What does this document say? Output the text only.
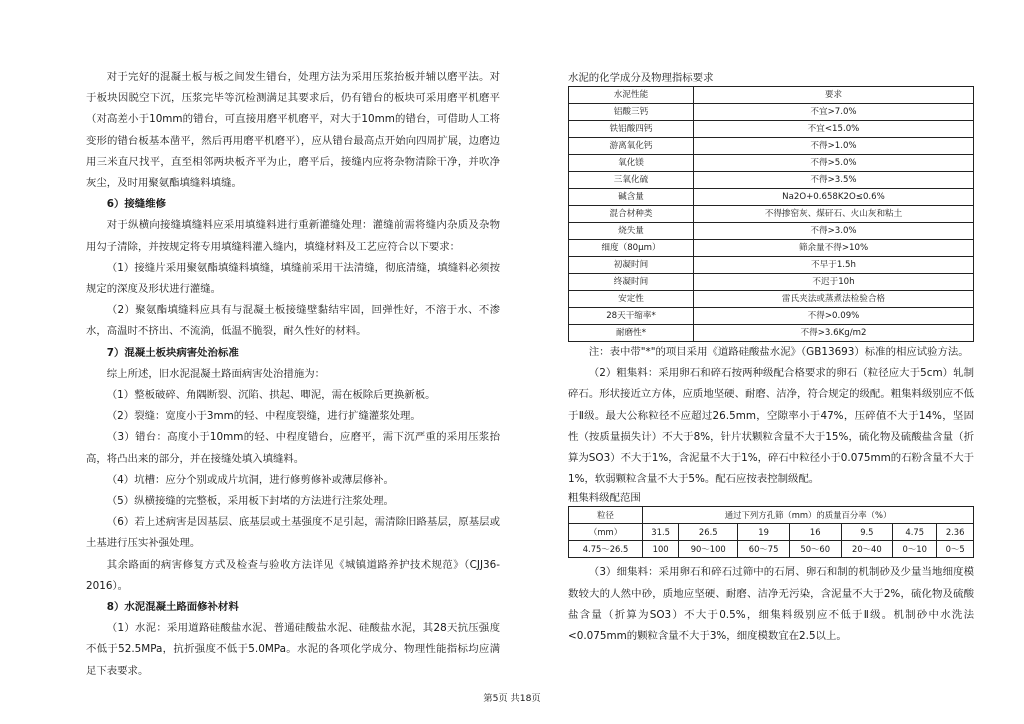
对于完好的混凝土板与板之间发生错台，处理方法为采用压浆抬板并辅以磨平法。对于板块因脱空下沉，压浆完毕等沉检测满足其要求后，仍有错台的板块可采用磨平机磨平（对高差小于10mm的错台，可直接用磨平机磨平，对大于10mm的错台，可借助人工将变形的错台板基本凿平，然后再用磨平机磨平），应从错台最高点开始向四周扩展，边磨边用三米直尺找平，直至相邻两块板齐平为止，磨平后，接缝内应将杂物清除干净，并吹净灰尘，及时用聚氨酯填缝料填缝。

6）接缝维修

对于纵横向接缝填缝料应采用填缝料进行重新灌缝处理：灌缝前需将缝内杂质及杂物用勾子清除，并按规定将专用填缝料灌入缝内，填缝材料及工艺应符合以下要求：

（1）接缝片采用聚氨酯填缝料填缝，填缝前采用干法清缝，彻底清缝，填缝料必须按规定的深度及形状进行灌缝。

（2）聚氨酯填缝料应具有与混凝土板接缝壁黏结牢固，回弹性好，不溶于水、不渗水，高温时不挤出、不流淌，低温不脆裂，耐久性好的材料。

7）混凝土板块病害处治标准

综上所述，旧水泥混凝土路面病害处治措施为：

（1）整板破碎、角隅断裂、沉陷、拱起、唧泥，需在板除后更换新板。

（2）裂缝：宽度小于3mm的轻、中程度裂缝，进行扩缝灌浆处理。

（3）错台：高度小于10mm的轻、中程度错台，应磨平，需下沉严重的采用压浆抬高，将凸出来的部分，并在接缝处填入填缝料。

（4）坑槽：应分个别或成片坑洞，进行修剪修补或薄层修补。

（5）纵横接缝的完整板，采用板下封堵的方法进行注浆处理。

（6）若上述病害是因基层、底基层或土基强度不足引起，需清除旧路基层，原基层或土基进行压实补强处理。

其余路面的病害修复方式及检查与验收方法详见《城镇道路养护技术规范》（CJJ36-2016）。

8）水泥混凝土路面修补材料

（1）水泥：采用道路硅酸盐水泥、普通硅酸盐水泥、硅酸盐水泥，其28天抗压强度不低于52.5MPa，抗折强度不低于5.0MPa。水泥的各项化学成分、物理性能指标均应满足下表要求。

水泥的化学成分及物理指标要求

水泥性能	要求
铝酸三钙	不宜>7.0%
铁铝酸四钙	不宜<15.0%
游离氧化钙	不得>1.0%
氧化镁	不得>5.0%
三氧化硫	不得>3.5%
碱含量	Na2O+0.658K2O≤0.6%
混合材种类	不得掺窑灰、煤矸石、火山灰和粘土
烧失量	不得>3.0%
细度（80μm）	筛余量不得>10%
初凝时间	不早于1.5h
终凝时间	不迟于10h
安定性	雷氏夹法或蒸煮法检验合格
28天干缩率*	不得>0.09%
耐磨性*	不得>3.6Kg/m2

注：表中带"*"的项目采用《道路硅酸盐水泥》（GB13693）标准的相应试验方法。

（2）粗集料：采用卵石和碎石按两种级配合格要求的卵石（粒径应大于5cm）轧制碎石。形状接近立方体，应质地坚硬、耐磨、洁净，符合规定的级配。粗集料级别应不低于Ⅱ级。最大公称粒径不应超过26.5mm，空隙率小于47%，压碎值不大于14%，坚固性（按质量损失计）不大于8%，针片状颗粒含量不大于15%，硫化物及硫酸盐含量（折算为SO3）不大于1%，含泥量不大于1%，碎石中粒径小于0.075mm的石粉含量不大于1%，软弱颗粒含量不大于5%。配石应按表控制级配。

粗集料级配范围

粒径	通过下列方孔筛（mm）的质量百分率（%）						
（mm）	31.5	26.5	19	16	9.5	4.75	2.36
4.75～26.5	100	90～100	60～75	50～60	20～40	0～10	0～5

（3）细集料：采用卵石和碎石过筛中的石屑、卵石和制的机制砂及少量当地细度模数较大的人然中砂，质地应坚硬、耐磨、洁净无污染，含泥量不大于2%，硫化物及硫酸盐含量（折算为SO3）不大于0.5%，细集料级别应不低于Ⅱ级。机制砂中水洗法<0.075mm的颗粒含量不大于3%，细度模数宜在2.5以上。

第5页 共18页
